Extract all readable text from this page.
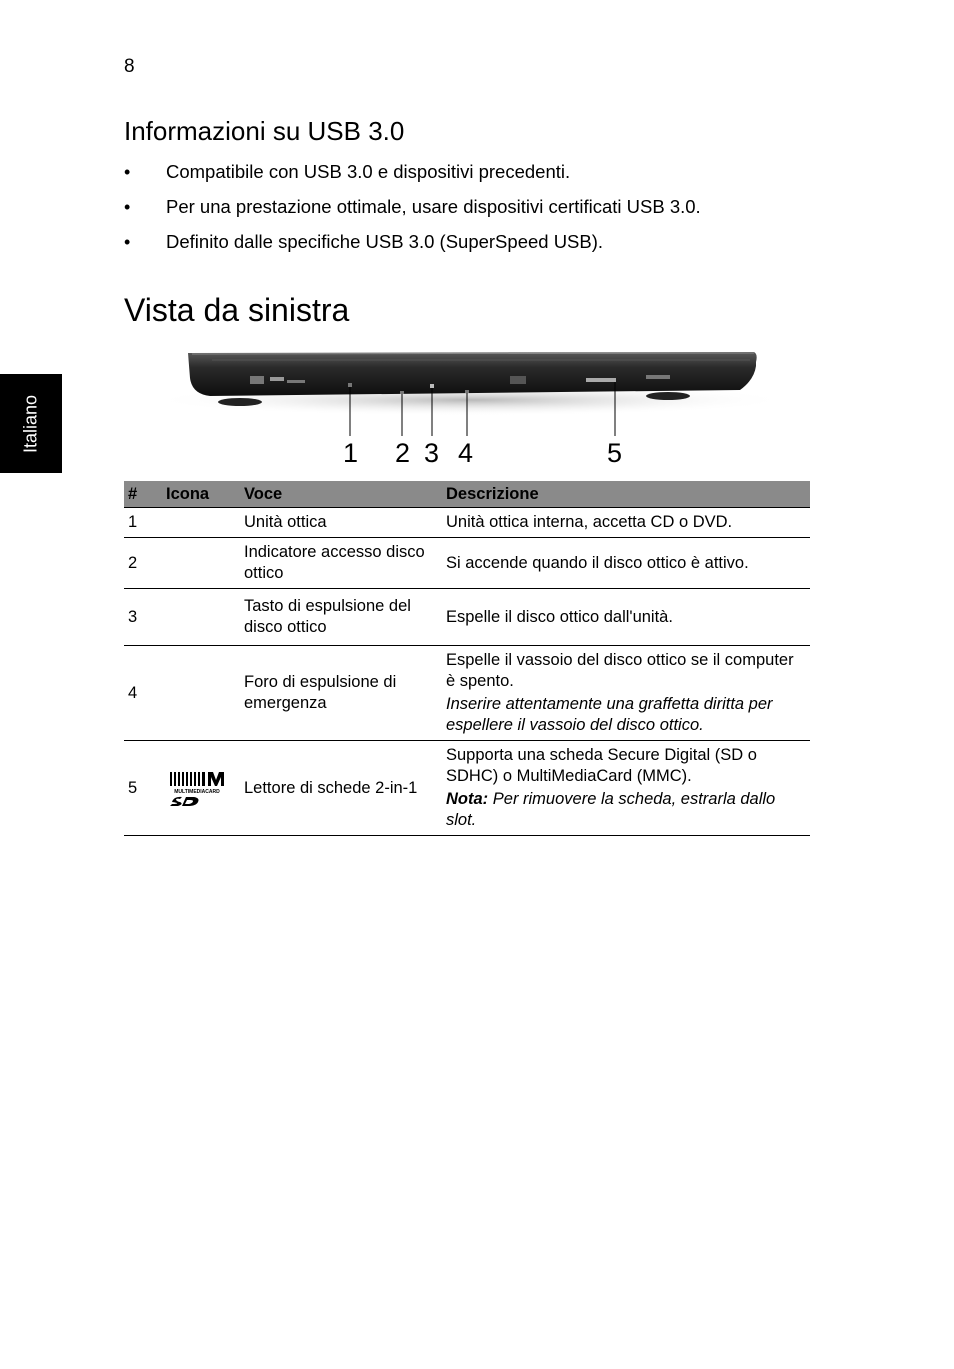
8
Italiano
Informazioni su USB 3.0
• Compatibile con USB 3.0 e dispositivi precedenti.
• Per una prestazione ottimale, usare dispositivi certificati USB 3.0.
• Definito dalle specifiche USB 3.0 (SuperSpeed USB).
Vista da sinistra
1 2 3 4	5
#	Icona	Voce	Descrizione
1		Unità ottica	Unità ottica interna, accetta CD o DVD.
2		Indicatore accesso disco ottico	Si accende quando il disco ottico è attivo.
3		Tasto di espulsione del disco ottico	Espelle il disco ottico dall'unità.
4		Foro di espulsione di emergenza	Espelle il vassoio del disco ottico se il computer è spento.

Inserire attentamente una graffetta diritta per espellere il vassoio del disco ottico.

5	MULTIMEDIACARD	Lettore di schede 2-in-1	Supporta una scheda Secure Digital (SD o SDHC) o MultiMediaCard (MMC).

Nota: Per rimuovere la scheda, estrarla dallo slot.
